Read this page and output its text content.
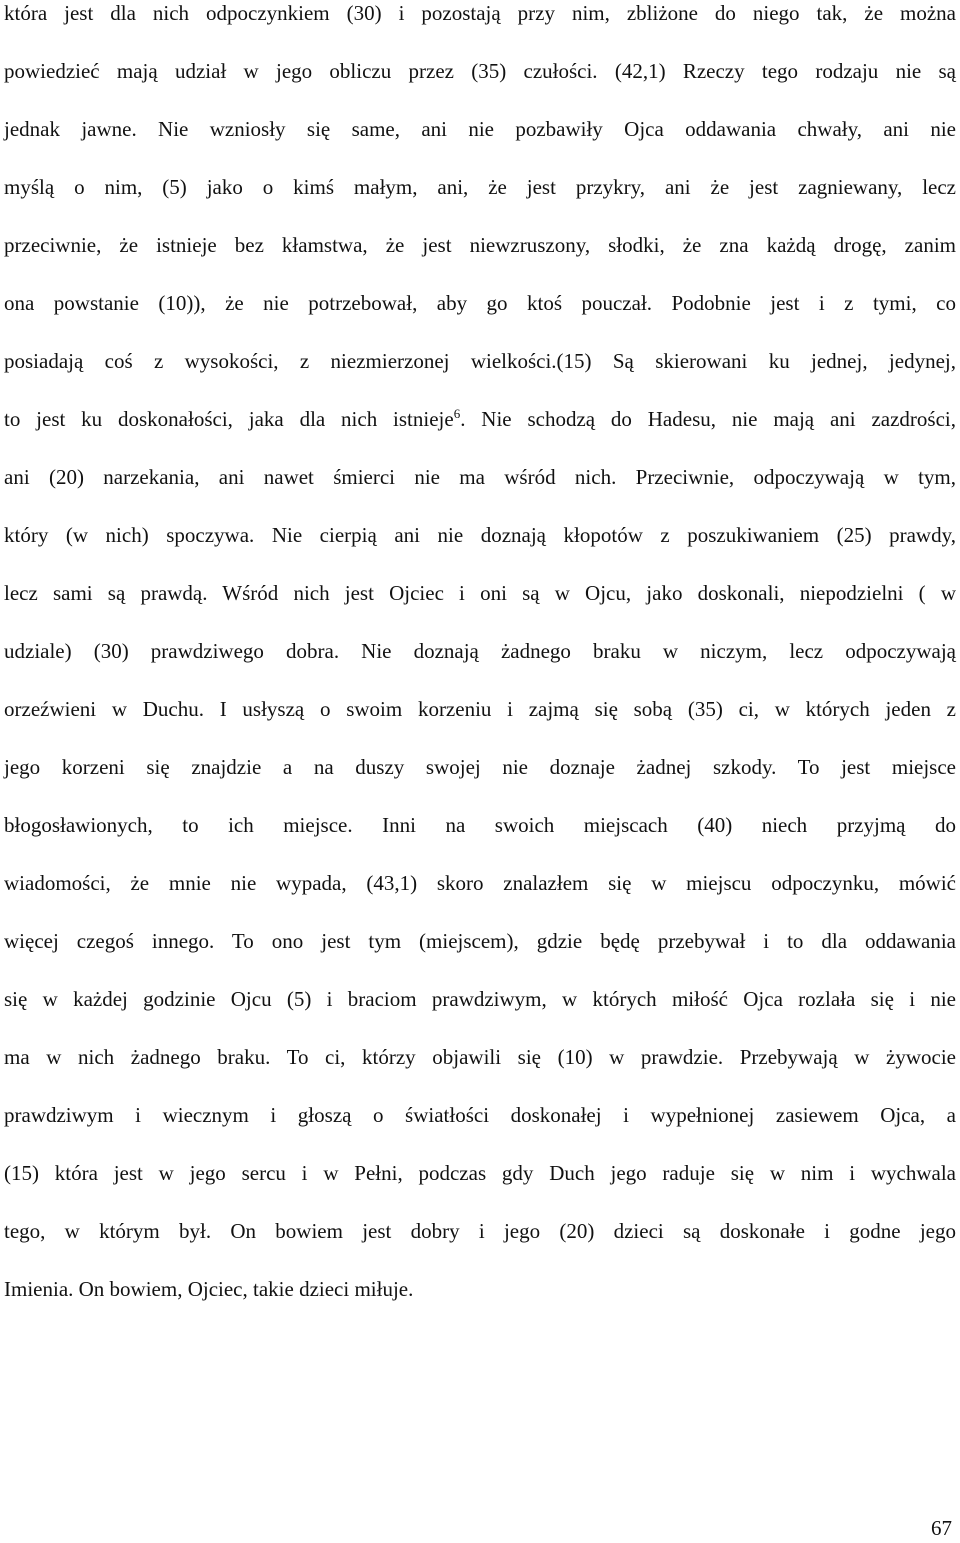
która jest dla nich odpoczynkiem (30) i pozostają przy nim, zbliżone do niego tak, że można
powiedzieć mają udział w jego obliczu przez (35) czułości. (42,1) Rzeczy tego rodzaju nie są
jednak jawne. Nie wzniosły się same, ani nie pozbawiły Ojca oddawania chwały, ani nie
myślą o nim, (5) jako o kimś małym, ani, że jest przykry, ani że jest zagniewany, lecz
przeciwnie, że istnieje bez kłamstwa, że jest niewzruszony, słodki, że zna każdą drogę, zanim
ona powstanie (10)), że nie potrzebował, aby go ktoś pouczał. Podobnie jest i z tymi, co
posiadają coś z wysokości, z niezmierzonej wielkości.(15) Są skierowani ku jednej, jedynej,
to jest ku doskonałości, jaka dla nich istnieje$^6$. Nie schodzą do Hadesu, nie mają ani zazdrości,
ani (20) narzekania, ani nawet śmierci nie ma wśród nich. Przeciwnie, odpoczywają w tym,
który (w nich) spoczywa. Nie cierpią ani nie doznają kłopotów z poszukiwaniem (25) prawdy,
lecz sami są prawdą. Wśród nich jest Ojciec i oni są w Ojcu, jako doskonali, niepodzielni ( w
udziale) (30) prawdziwego dobra. Nie doznają żadnego braku w niczym, lecz odpoczywają
orzeźwieni w Duchu. I usłyszą o swoim korzeniu i zajmą się sobą (35) ci, w których jeden z
jego korzeni się znajdzie a na duszy swojej nie doznaje żadnej szkody. To jest miejsce
błogosławionych, to ich miejsce. Inni na swoich miejscach (40) niech przyjmą do
wiadomości, że mnie nie wypada, (43,1) skoro znalazłem się w miejscu odpoczynku, mówić
więcej czegoś innego. To ono jest tym (miejscem), gdzie będę przebywał i to dla oddawania
się w każdej godzinie Ojcu (5) i braciom prawdziwym, w których miłość Ojca rozlała się i nie
ma w nich żadnego braku. To ci, którzy objawili się (10) w prawdzie. Przebywają w żywocie
prawdziwym i wiecznym i głoszą o światłości doskonałej i wypełnionej zasiewem Ojca, a
(15) która jest w jego sercu i w Pełni, podczas gdy Duch jego raduje się w nim i wychwala
tego, w którym był. On bowiem jest dobry i jego (20) dzieci są doskonałe i godne jego
Imienia. On bowiem, Ojciec, takie dzieci miłuje.
67
